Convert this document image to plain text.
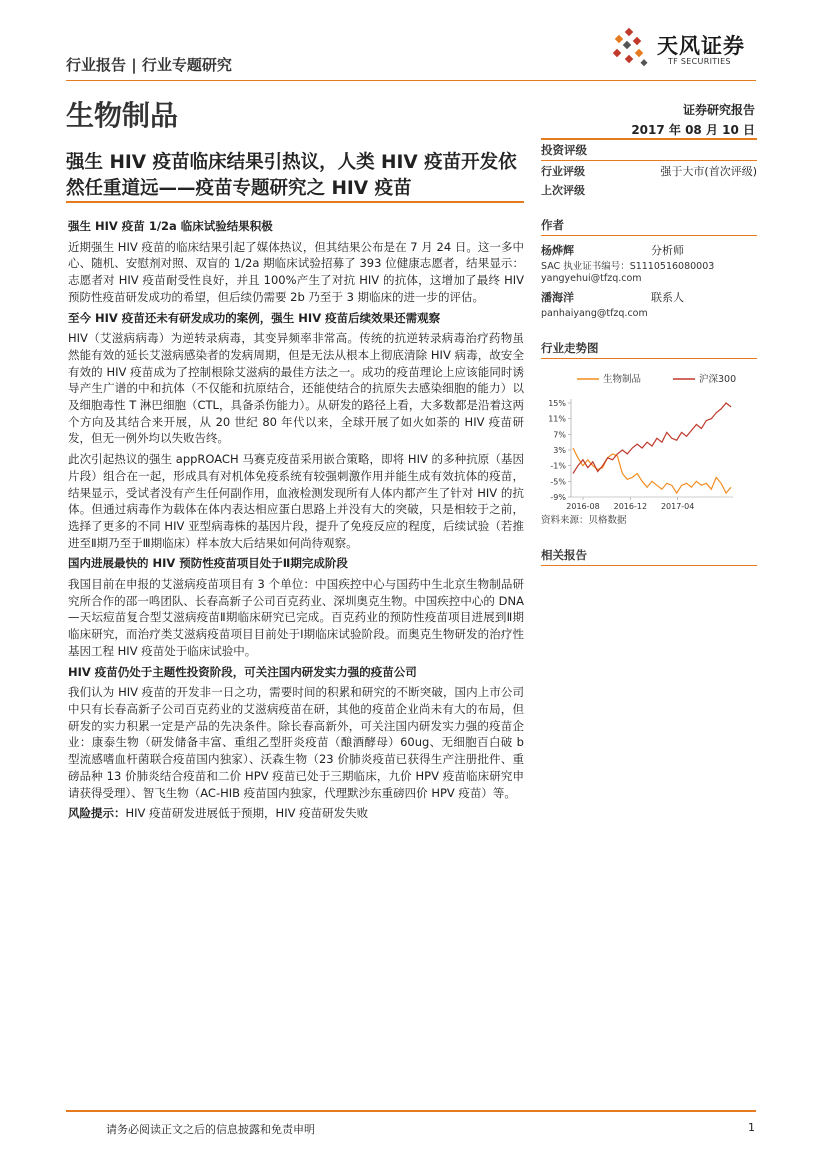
行业报告 | 行业专题研究
生物制品
天风证券
TF SECURITIES
证券研究报告
2017 年 08 月 10 日
强生 HIV 疫苗临床结果引热议，人类 HIV 疫苗开发依然任重道远——疫苗专题研究之 HIV 疫苗
强生 HIV 疫苗 1/2a 临床试验结果积极

近期强生 HIV 疫苗的临床结果引起了媒体热议，但其结果公布是在 7 月 24 日。这一多中心、随机、安慰剂对照、双盲的 1/2a 期临床试验招募了 393 位健康志愿者，结果显示：志愿者对 HIV 疫苗耐受性良好，并且 100%产生了对抗 HIV 的抗体，这增加了最终 HIV 预防性疫苗研发成功的希望，但后续仍需要 2b 乃至于 3 期临床的进一步的评估。

至今 HIV 疫苗还未有研发成功的案例，强生 HIV 疫苗后续效果还需观察

HIV（艾滋病病毒）为逆转录病毒，其变异频率非常高。传统的抗逆转录病毒治疗药物虽然能有效的延长艾滋病感染者的发病周期，但是无法从根本上彻底清除 HIV 病毒，故安全有效的 HIV 疫苗成为了控制根除艾滋病的最佳方法之一。成功的疫苗理论上应该能同时诱导产生广谱的中和抗体（不仅能和抗原结合，还能使结合的抗原失去感染细胞的能力）以及细胞毒性 T 淋巴细胞（CTL，具备杀伤能力）。从研发的路径上看，大多数都是沿着这两个方向及其结合来开展，从 20 世纪 80 年代以来，全球开展了如火如荼的 HIV 疫苗研发，但无一例外均以失败告终。

此次引起热议的强生 appROACH 马赛克疫苗采用嵌合策略，即将 HIV 的多种抗原（基因片段）组合在一起，形成具有对机体免疫系统有较强刺激作用并能生成有效抗体的疫苗，结果显示，受试者没有产生任何副作用，血液检测发现所有人体内都产生了针对 HIV 的抗体。但通过病毒作为载体在体内表达相应蛋白思路上并没有大的突破，只是相较于之前，选择了更多的不同 HIV 亚型病毒株的基因片段，提升了免疫反应的程度，后续试验（若推进至Ⅱ期乃至于Ⅲ期临床）样本放大后结果如何尚待观察。

国内进展最快的 HIV 预防性疫苗项目处于Ⅱ期完成阶段

我国目前在申报的艾滋病疫苗项目有 3 个单位：中国疾控中心与国药中生北京生物制品研究所合作的邵一鸣团队、长春高新子公司百克药业、深圳奥克生物。中国疾控中心的 DNA—天坛痘苗复合型艾滋病疫苗Ⅱ期临床研究已完成。百克药业的预防性疫苗项目进展到Ⅱ期临床研究，而治疗类艾滋病疫苗项目目前处于Ⅰ期临床试验阶段。而奥克生物研发的治疗性基因工程 HIV 疫苗处于临床试验中。

HIV 疫苗仍处于主题性投资阶段，可关注国内研发实力强的疫苗公司

我们认为 HIV 疫苗的开发非一日之功，需要时间的积累和研究的不断突破，国内上市公司中只有长春高新子公司百克药业的艾滋病疫苗在研，其他的疫苗企业尚未有大的布局，但研发的实力积累一定是产品的先决条件。除长春高新外，可关注国内研发实力强的疫苗企业：康泰生物（研发储备丰富、重组乙型肝炎疫苗（酿酒酵母）60ug、无细胞百白破 b 型流感嗜血杆菌联合疫苗国内独家）、沃森生物（23 价肺炎疫苗已获得生产注册批件、重磅品种 13 价肺炎结合疫苗和二价 HPV 疫苗已处于三期临床，九价 HPV 疫苗临床研究申请获得受理）、智飞生物（AC-HIB 疫苗国内独家，代理默沙东重磅四价 HPV 疫苗）等。

风险提示：HIV 疫苗研发进展低于预期，HIV 疫苗研发失败

投资评级
行业评级	强于大市(首次评级)
上次评级
作者
杨烨辉	分析师
SAC 执业证书编号：S1110516080003
yangyehui@tfzq.com
潘海洋	联系人
panhaiyang@tfzq.com
行业走势图
生物制品	沪深300
15%
11%
7%
3%
-1%
-5%
-9%
2016-08 2016-12 2017-04
资料来源：贝格数据
相关报告
请务必阅读正文之后的信息披露和免责申明	1
